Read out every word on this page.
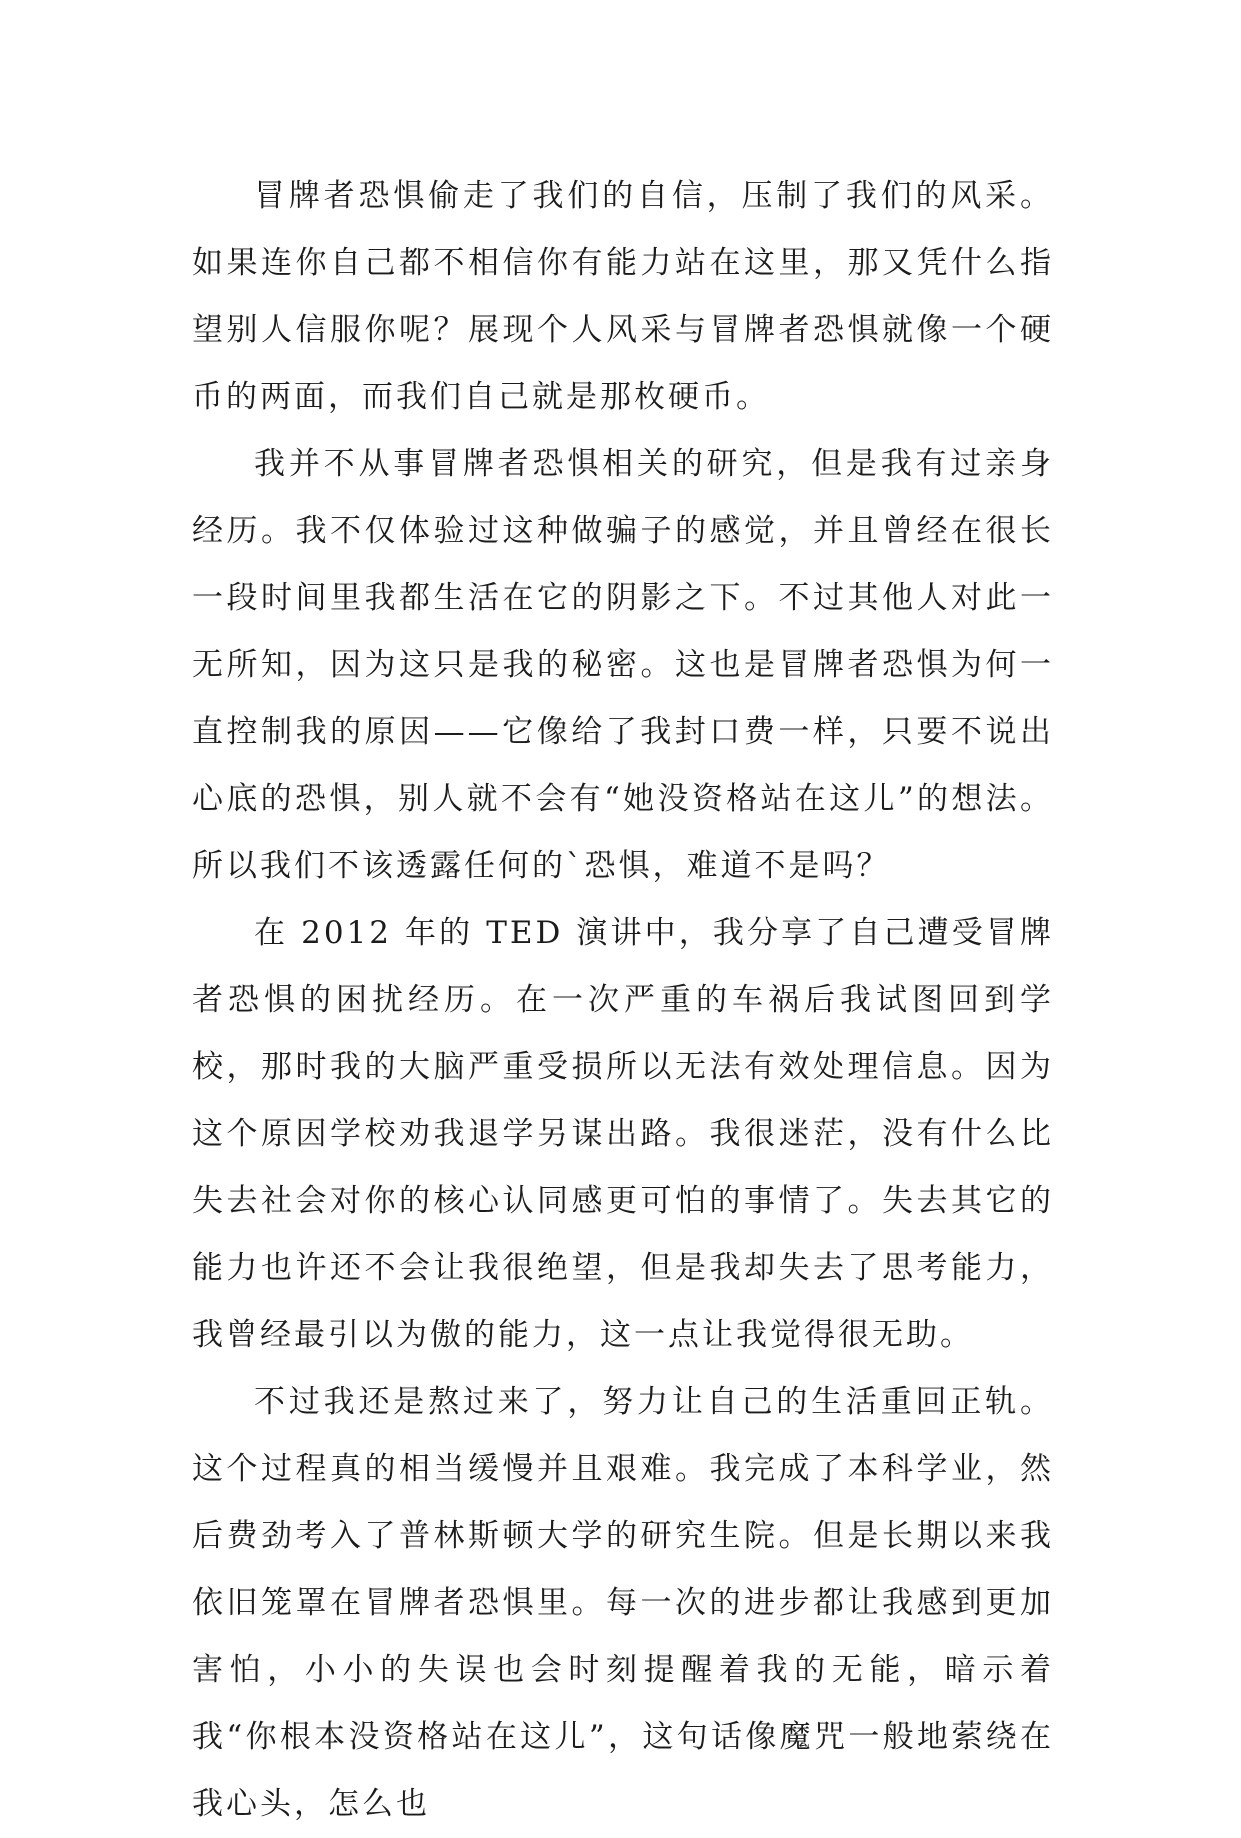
冒牌者恐惧偷走了我们的自信，压制了我们的风采。如果连你自己都不相信你有能力站在这里，那又凭什么指望别人信服你呢？展现个人风采与冒牌者恐惧就像一个硬币的两面，而我们自己就是那枚硬币。

我并不从事冒牌者恐惧相关的研究，但是我有过亲身经历。我不仅体验过这种做骗子的感觉，并且曾经在很长一段时间里我都生活在它的阴影之下。不过其他人对此一无所知，因为这只是我的秘密。这也是冒牌者恐惧为何一直控制我的原因——它像给了我封口费一样，只要不说出心底的恐惧，别人就不会有“她没资格站在这儿”的想法。所以我们不该透露任何的`恐惧，难道不是吗？

在 2012 年的 TED 演讲中，我分享了自己遭受冒牌者恐惧的困扰经历。在一次严重的车祸后我试图回到学校，那时我的大脑严重受损所以无法有效处理信息。因为这个原因学校劝我退学另谋出路。我很迷茫，没有什么比失去社会对你的核心认同感更可怕的事情了。失去其它的能力也许还不会让我很绝望，但是我却失去了思考能力，我曾经最引以为傲的能力，这一点让我觉得很无助。

不过我还是熬过来了，努力让自己的生活重回正轨。这个过程真的相当缓慢并且艰难。我完成了本科学业，然后费劲考入了普林斯顿大学的研究生院。但是长期以来我依旧笼罩在冒牌者恐惧里。每一次的进步都让我感到更加害怕，小小的失误也会时刻提醒着我的无能，暗示着我“你根本没资格站在这儿”，这句话像魔咒一般地萦绕在我心头，怎么也
